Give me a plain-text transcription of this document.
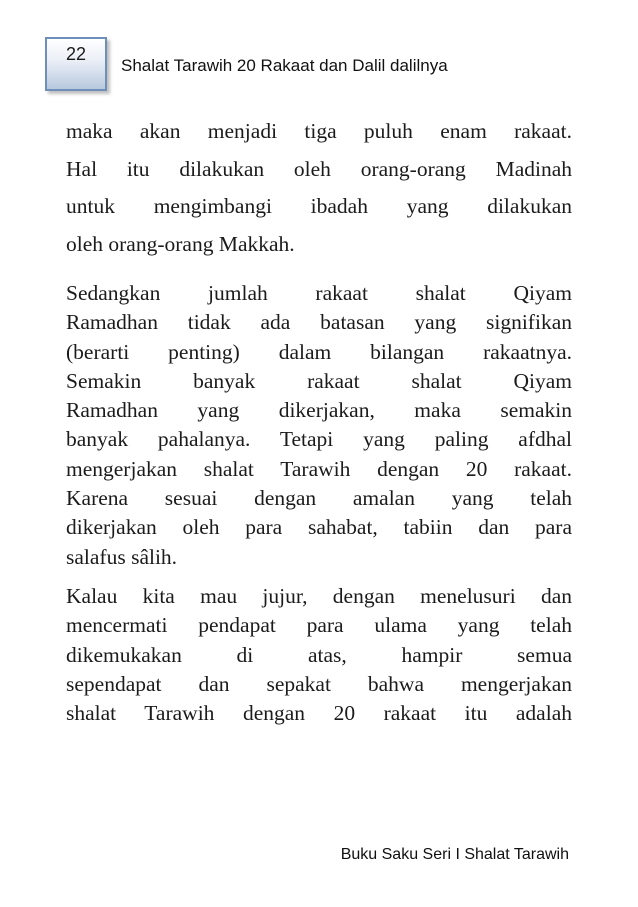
22
Shalat Tarawih 20 Rakaat dan Dalil dalilnya

maka akan menjadi tiga puluh enam rakaat.
Hal itu dilakukan oleh orang-orang Madinah
untuk mengimbangi ibadah yang dilakukan
oleh orang-orang Makkah.

Sedangkan jumlah rakaat shalat Qiyam
Ramadhan tidak ada batasan yang signifikan
(berarti penting) dalam bilangan rakaatnya.
Semakin banyak rakaat shalat Qiyam
Ramadhan yang dikerjakan, maka semakin
banyak pahalanya. Tetapi yang paling afdhal
mengerjakan shalat Tarawih dengan 20 rakaat.
Karena sesuai dengan amalan yang telah
dikerjakan oleh para sahabat, tabiin dan para
salafus sâlih.

Kalau kita mau jujur, dengan menelusuri dan
mencermati pendapat para ulama yang telah
dikemukakan di atas, hampir semua
sependapat dan sepakat bahwa mengerjakan
shalat Tarawih dengan 20 rakaat itu adalah

Buku Saku Seri I Shalat Tarawih
